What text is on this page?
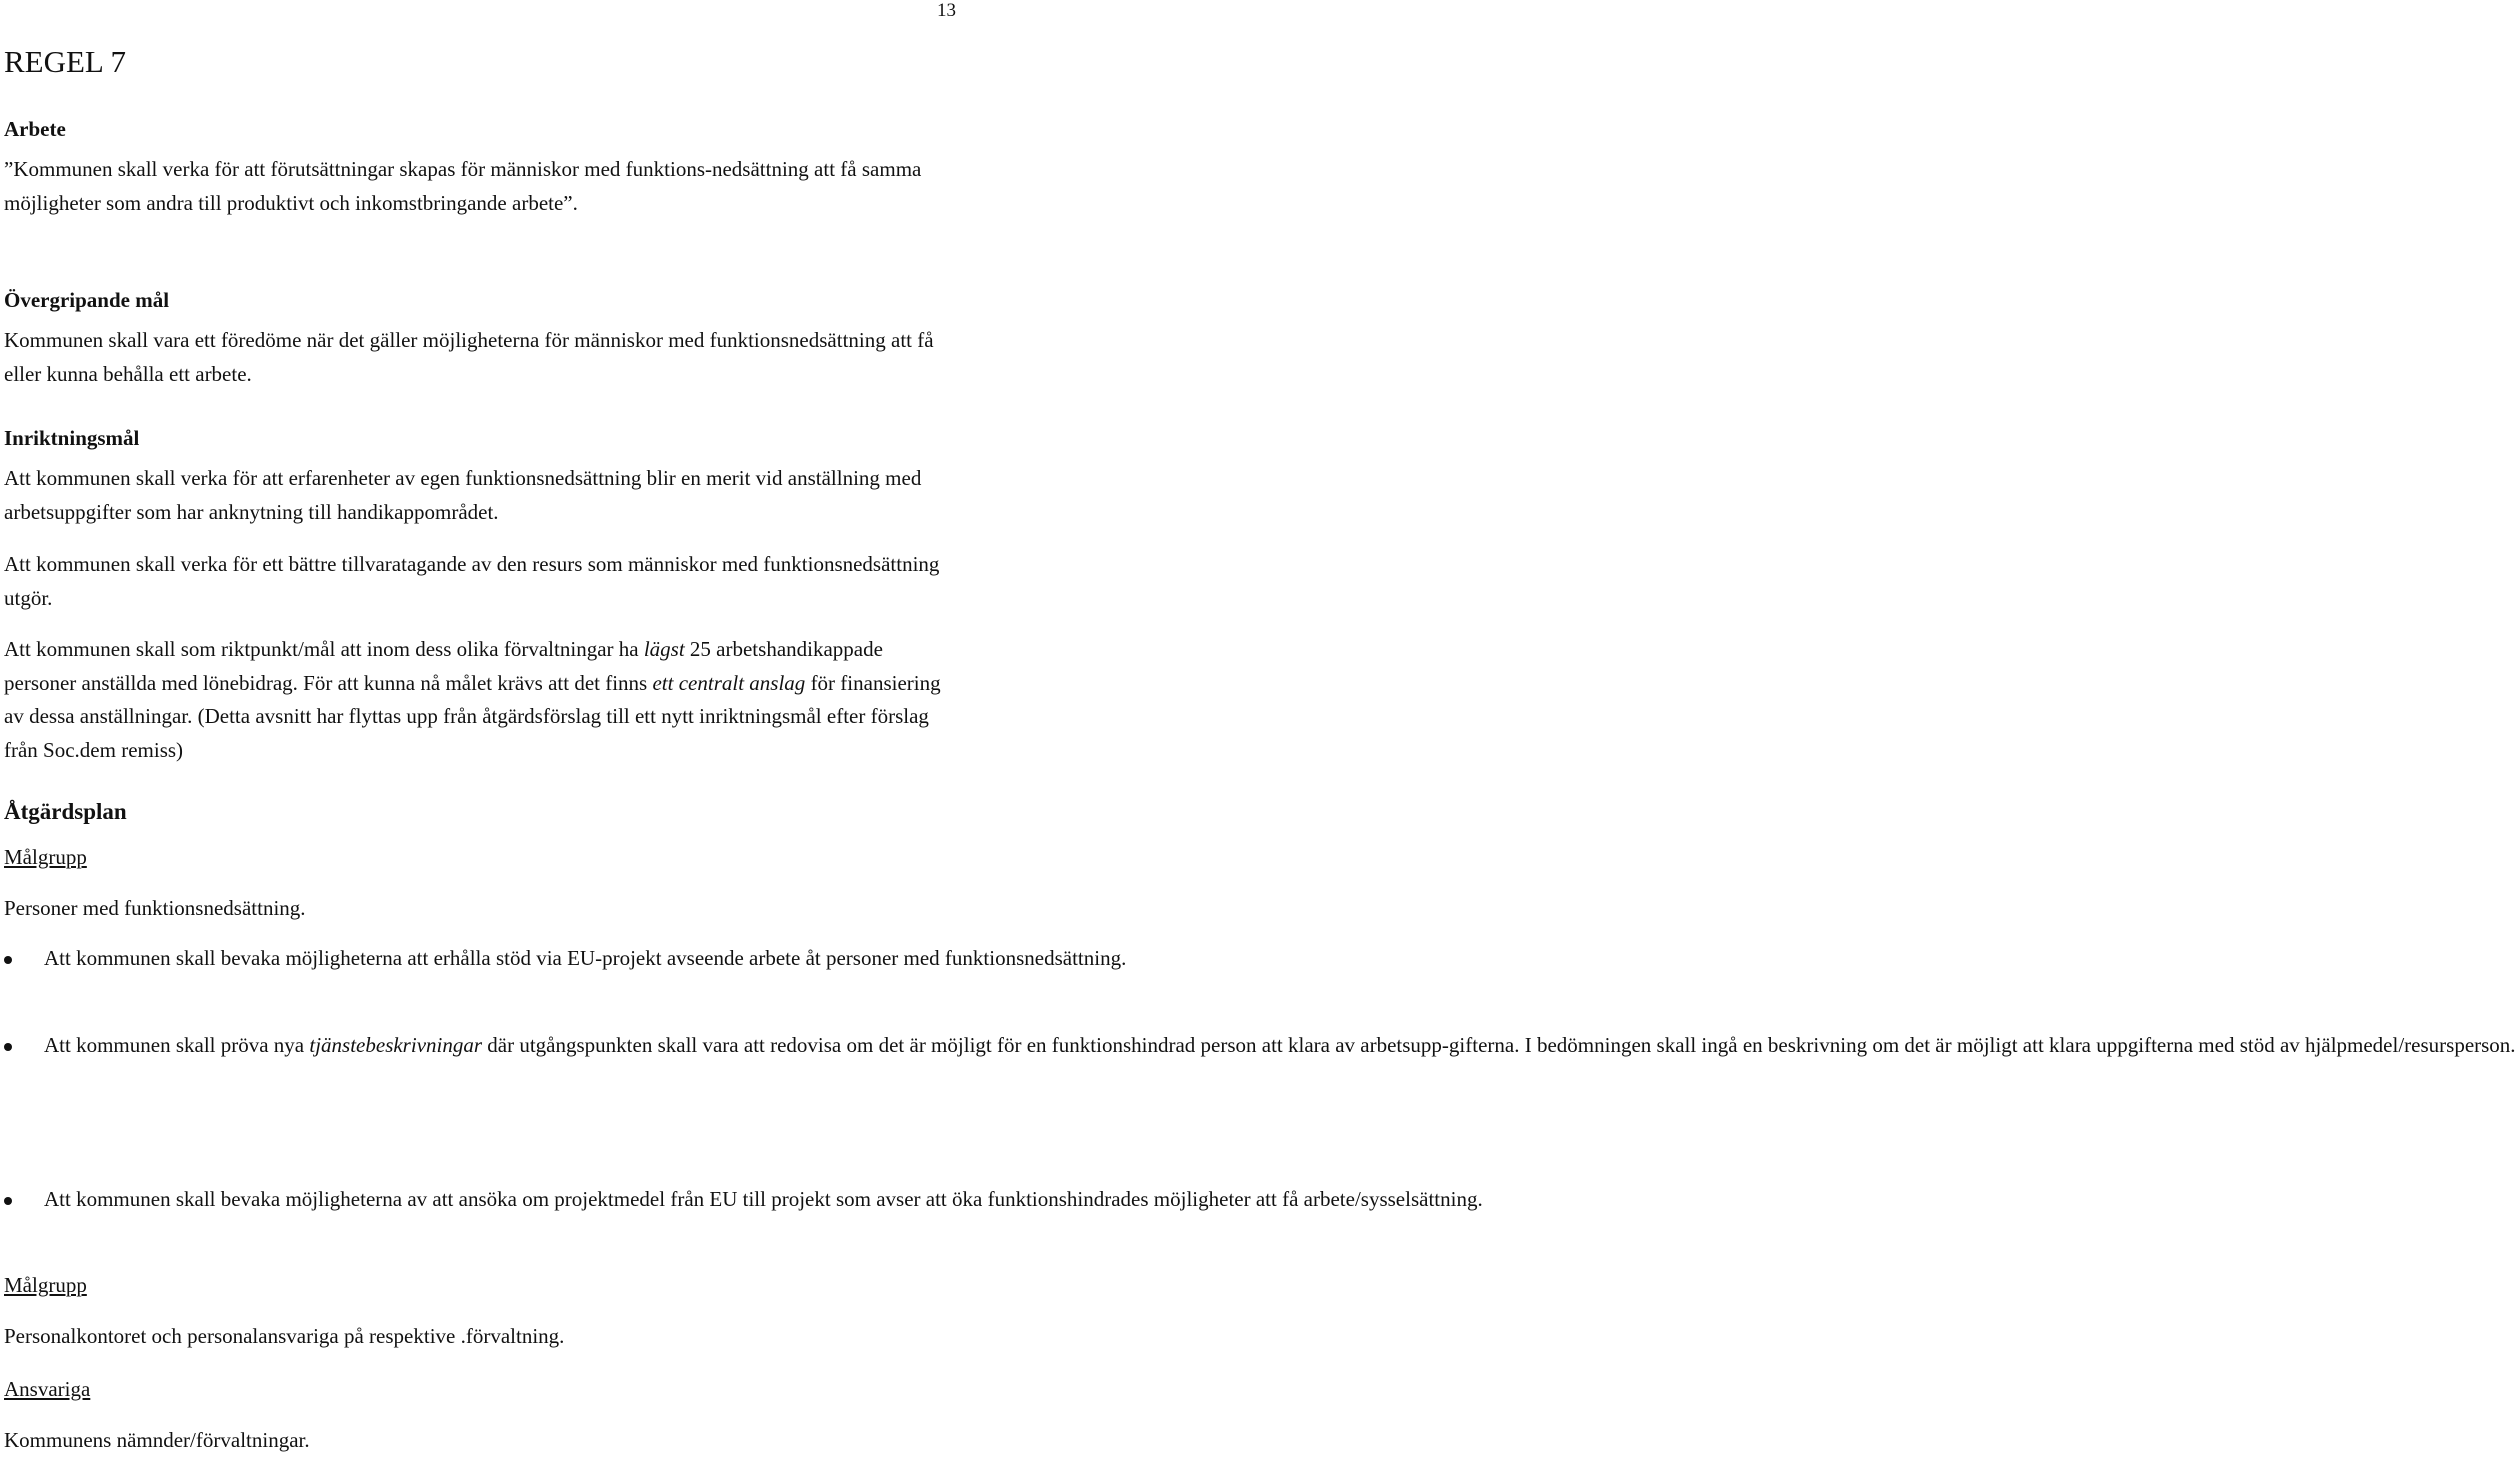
13
REGEL 7
Arbete
”Kommunen skall verka för att förutsättningar skapas för människor med funktions-nedsättning att få samma möjligheter som andra till produktivt och inkomstbringande arbete”.
Övergripande mål
Kommunen skall vara ett föredöme när det gäller möjligheterna för människor med funktionsnedsättning att få eller kunna behålla ett arbete.
Inriktningsmål
Att kommunen skall verka för att erfarenheter av egen funktionsnedsättning blir en merit vid anställning med arbetsuppgifter som har anknytning till handikappområdet.
Att kommunen skall verka för ett bättre tillvaratagande av den resurs som människor med funktionsnedsättning utgör.
Att kommunen skall som riktpunkt/mål att inom dess olika förvaltningar ha lägst 25 arbetshandikappade personer anställda med lönebidrag. För att kunna nå målet krävs att det finns ett centralt anslag för finansiering av dessa anställningar. (Detta avsnitt har flyttas upp från åtgärdsförslag till ett nytt inriktningsmål efter förslag från Soc.dem remiss)
Åtgärdsplan
Målgrupp
Personer med funktionsnedsättning.
Att kommunen skall bevaka möjligheterna att erhålla stöd via EU-projekt avseende arbete åt personer med funktionsnedsättning.
Att kommunen skall pröva nya tjänstebeskrivningar där utgångspunkten skall vara att redovisa om det är möjligt för en funktionshindrad person att klara av arbetsupp-gifterna. I bedömningen skall ingå en beskrivning om det är möjligt att klara uppgifterna med stöd av hjälpmedel/resursperson.
Att kommunen skall bevaka möjligheterna av att ansöka om projektmedel från EU till projekt som avser att öka funktionshindrades möjligheter att få arbete/sysselsättning.
Målgrupp
Personalkontoret och personalansvariga på respektive .förvaltning.
Ansvariga
Kommunens nämnder/förvaltningar.
